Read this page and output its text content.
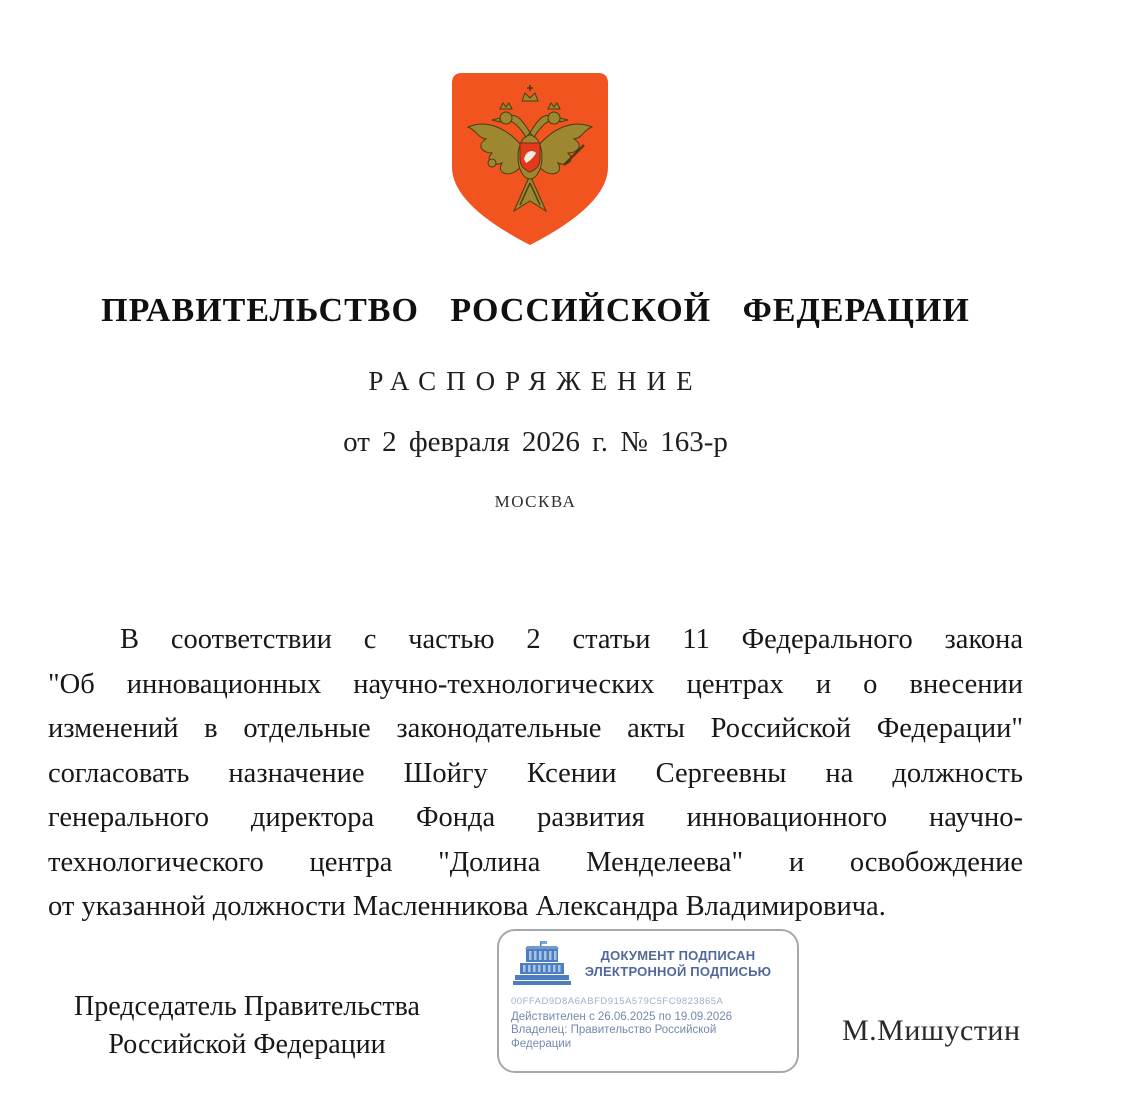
ПРАВИТЕЛЬСТВО РОССИЙСКОЙ ФЕДЕРАЦИИ
РАСПОРЯЖЕНИЕ
от 2 февраля 2026 г. № 163-р
МОСКВА
В соответствии с частью 2 статьи 11 Федерального закона
"Об инновационных научно-технологических центрах и о внесении
изменений в отдельные законодательные акты Российской Федерации"
согласовать назначение Шойгу Ксении Сергеевны на должность
генерального директора Фонда развития инновационного научно-
технологического центра "Долина Менделеева" и освобождение
от указанной должности Масленникова Александра Владимировича.
Председатель Правительства
Российской Федерации
ДОКУМЕНТ ПОДПИСАН
ЭЛЕКТРОННОЙ ПОДПИСЬЮ
00FFAD9D8A6ABFD915A579C5FC9823865A
Действителен с 26.06.2025 по 19.09.2026
Владелец: Правительство Российской
Федерации	М.Мишустин
